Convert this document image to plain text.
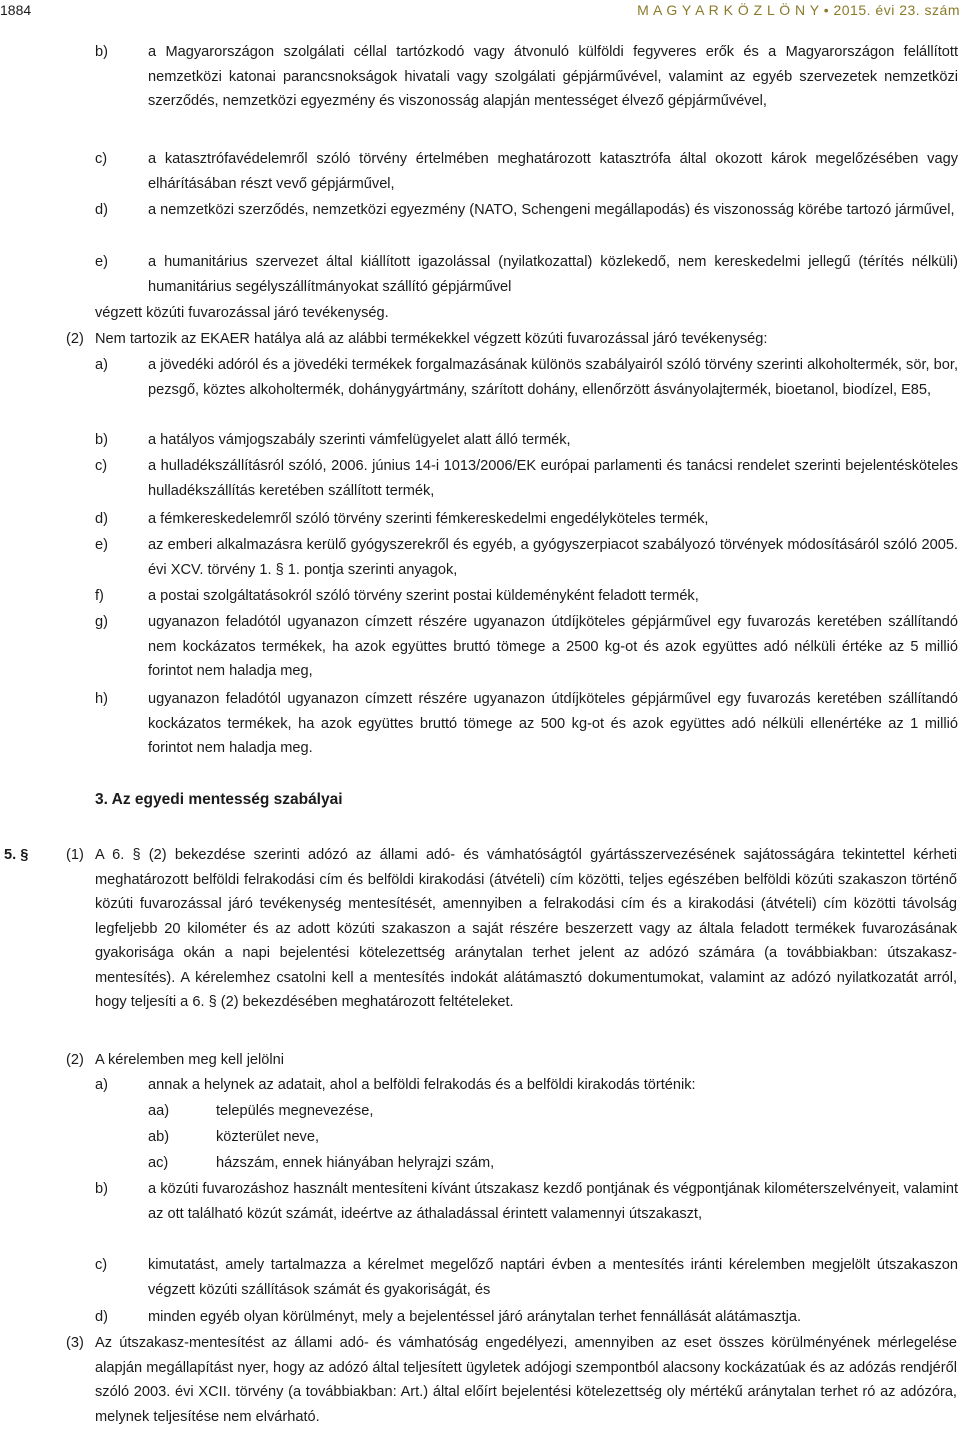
1884	M A G Y A R K Ö Z L Ö N Y • 2015. évi 23. szám
b)	a Magyarországon szolgálati céllal tartózkodó vagy átvonuló külföldi fegyveres erők és a Magyarországon felállított nemzetközi katonai parancsnokságok hivatali vagy szolgálati gépjárművével, valamint az egyéb szervezetek nemzetközi szerződés, nemzetközi egyezmény és viszonosság alapján mentességet élvező gépjárművével,
c)	a katasztrófavédelemről szóló törvény értelmében meghatározott katasztrófa által okozott károk megelőzésében vagy elhárításában részt vevő gépjárművel,
d)	a nemzetközi szerződés, nemzetközi egyezmény (NATO, Schengeni megállapodás) és viszonosság körébe tartozó járművel,
e)	a humanitárius szervezet által kiállított igazolással (nyilatkozattal) közlekedő, nem kereskedelmi jellegű (térítés nélküli) humanitárius segélyszállítmányokat szállító gépjárművel
végzett közúti fuvarozással járó tevékenység.
(2) Nem tartozik az EKAER hatálya alá az alábbi termékekkel végzett közúti fuvarozással járó tevékenység:
a)	a jövedéki adóról és a jövedéki termékek forgalmazásának különös szabályairól szóló törvény szerinti alkoholtermék, sör, bor, pezsgő, köztes alkoholtermék, dohánygyártmány, szárított dohány, ellenőrzött ásványolajtermék, bioetanol, biodízel, E85,
b)	a hatályos vámjogszabály szerinti vámfelügyelet alatt álló termék,
c)	a hulladékszállításról szóló, 2006. június 14-i 1013/2006/EK európai parlamenti és tanácsi rendelet szerinti bejelentésköteles hulladékszállítás keretében szállított termék,
d)	a fémkereskedelemről szóló törvény szerinti fémkereskedelmi engedélyköteles termék,
e)	az emberi alkalmazásra kerülő gyógyszerekről és egyéb, a gyógyszerpiacot szabályozó törvények módosításáról szóló 2005. évi XCV. törvény 1. § 1. pontja szerinti anyagok,
f)	a postai szolgáltatásokról szóló törvény szerint postai küldeményként feladott termék,
g)	ugyanazon feladótól ugyanazon címzett részére ugyanazon útdíjköteles gépjárművel egy fuvarozás keretében szállítandó nem kockázatos termékek, ha azok együttes bruttó tömege a 2500 kg-ot és azok együttes adó nélküli értéke az 5 millió forintot nem haladja meg,
h)	ugyanazon feladótól ugyanazon címzett részére ugyanazon útdíjköteles gépjárművel egy fuvarozás keretében szállítandó kockázatos termékek, ha azok együttes bruttó tömege az 500 kg-ot és azok együttes adó nélküli ellenértéke az 1 millió forintot nem haladja meg.
3. Az egyedi mentesség szabályai
5. §	(1) A 6. § (2) bekezdése szerinti adózó az állami adó- és vámhatóságtól gyártásszervezésének sajátosságára tekintettel kérheti meghatározott belföldi felrakodási cím és belföldi kirakodási (átvételi) cím közötti, teljes egészében belföldi közúti szakaszon történő közúti fuvarozással járó tevékenység mentesítését, amennyiben a felrakodási cím és a kirakodási (átvételi) cím közötti távolság legfeljebb 20 kilométer és az adott közúti szakaszon a saját részére beszerzett vagy az általa feladott termékek fuvarozásának gyakorisága okán a napi bejelentési kötelezettség aránytalan terhet jelent az adózó számára (a továbbiakban: útszakasz-mentesítés). A kérelemhez csatolni kell a mentesítés indokát alátámasztó dokumentumokat, valamint az adózó nyilatkozatát arról, hogy teljesíti a 6. § (2) bekezdésében meghatározott feltételeket.
(2) A kérelemben meg kell jelölni
a)	annak a helynek az adatait, ahol a belföldi felrakodás és a belföldi kirakodás történik:
aa)	település megnevezése,
ab)	közterület neve,
ac)	házszám, ennek hiányában helyrajzi szám,
b)	a közúti fuvarozáshoz használt mentesíteni kívánt útszakasz kezdő pontjának és végpontjának kilométerszelvényeit, valamint az ott található közút számát, ideértve az áthaladással érintett valamennyi útszakaszt,
c)	kimutatást, amely tartalmazza a kérelmet megelőző naptári évben a mentesítés iránti kérelemben megjelölt útszakaszon végzett közúti szállítások számát és gyakoriságát, és
d)	minden egyéb olyan körülményt, mely a bejelentéssel járó aránytalan terhet fennállását alátámasztja.
(3) Az útszakasz-mentesítést az állami adó- és vámhatóság engedélyezi, amennyiben az eset összes körülményének mérlegelése alapján megállapítást nyer, hogy az adózó által teljesített ügyletek adójogi szempontból alacsony kockázatúak és az adózás rendjéről szóló 2003. évi XCII. törvény (a továbbiakban: Art.) által előírt bejelentési kötelezettség oly mértékű aránytalan terhet ró az adózóra, melynek teljesítése nem elvárható.
